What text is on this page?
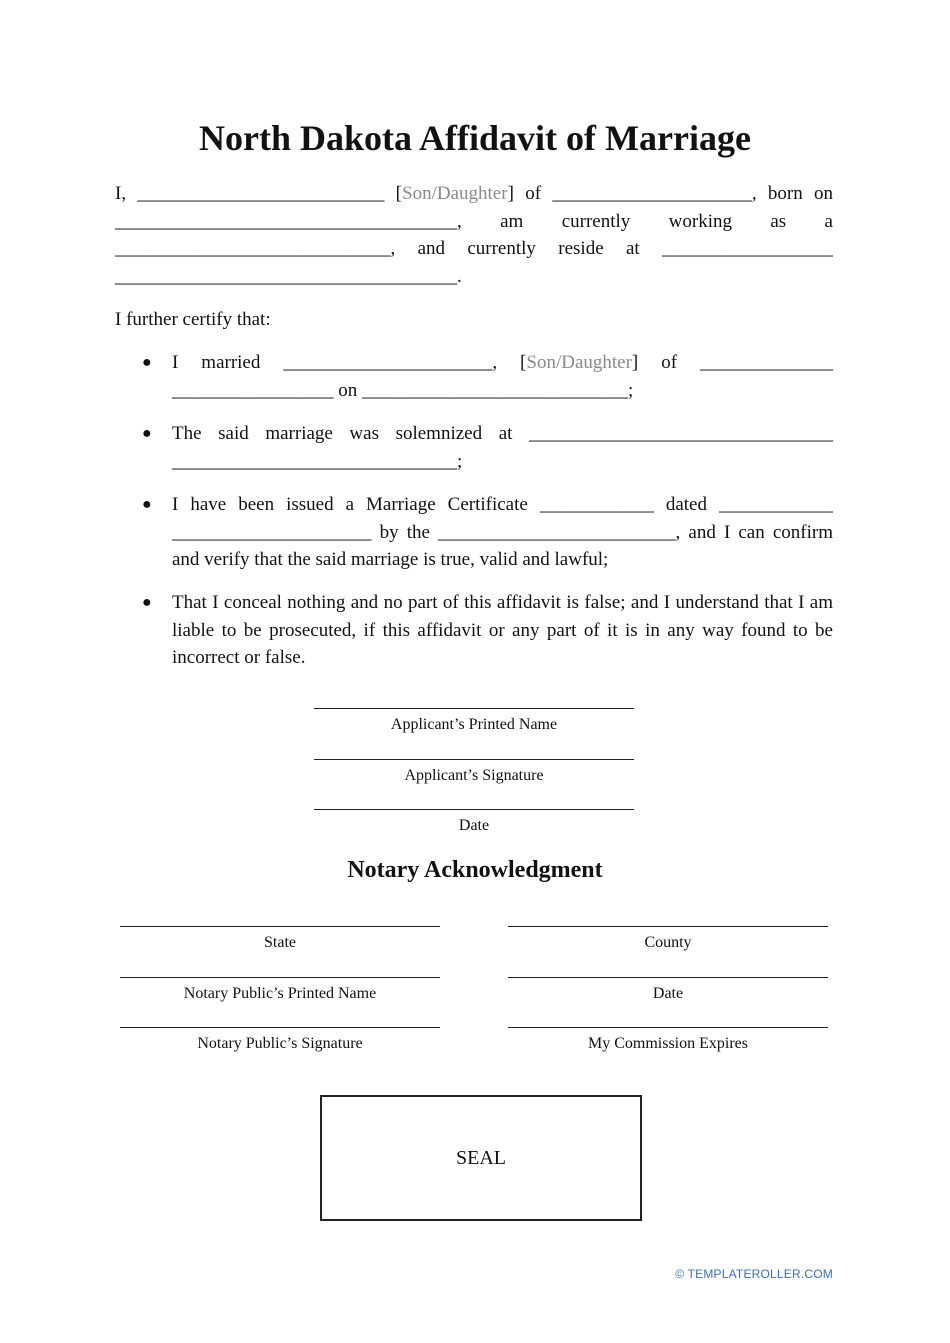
North Dakota Affidavit of Marriage

I, __________________________ [Son/Daughter] of _____________________, born on ____________________________________, am currently working as a _____________________________, and currently reside at __________________ ____________________________________.

I further certify that:

● I married ______________________, [Son/Daughter] of ______________ _________________ on ____________________________;
● The said marriage was solemnized at ________________________________ ______________________________;
● I have been issued a Marriage Certificate ____________ dated ____________ _____________________ by the _________________________, and I can confirm and verify that the said marriage is true, valid and lawful;
● That I conceal nothing and no part of this affidavit is false; and I understand that I am liable to be prosecuted, if this affidavit or any part of it is in any way found to be incorrect or false.
Applicant’s Printed Name
Applicant’s Signature
Date
Notary Acknowledgment
State	County
Notary Public’s Printed Name	Date
Notary Public’s Signature	My Commission Expires
SEAL
© TEMPLATEROLLER.COM
